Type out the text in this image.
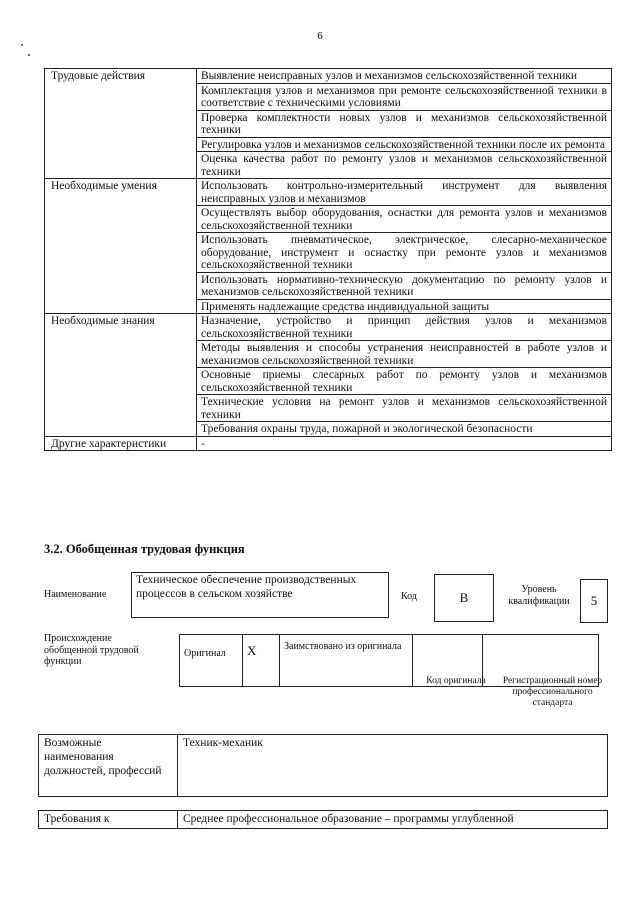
6
Трудовые действия	Выявление неисправных узлов и механизмов сельскохозяйственной техники
	Комплектация узлов и механизмов при ремонте сельскохозяйственной техники в соответствие с техническими условиями
	Проверка комплектности новых узлов и механизмов сельскохозяйственной техники
	Регулировка узлов и механизмов сельскохозяйственной техники после их ремонта
	Оценка качества работ по ремонту узлов и механизмов сельскохозяйственной техники
Необходимые умения	Использовать контрольно-измерительный инструмент для выявления неисправных узлов и механизмов
	Осуществлять выбор оборудования, оснастки для ремонта узлов и механизмов сельскохозяйственной техники
	Использовать пневматическое, электрическое, слесарно-механическое оборудование, инструмент и оснастку при ремонте узлов и механизмов сельскохозяйственной техники
	Использовать нормативно-техническую документацию по ремонту узлов и механизмов сельскохозяйственной техники
	Применять надлежащие средства индивидуальной защиты
Необходимые знания	Назначение, устройство и принцип действия узлов и механизмов сельскохозяйственной техники
	Методы выявления и способы устранения неисправностей в работе узлов и механизмов сельскохозяйственной техники
	Основные приемы слесарных работ по ремонту узлов и механизмов сельскохозяйственной техники
	Технические условия на ремонт узлов и механизмов сельскохозяйственной техники
	Требования охраны труда, пожарной и экологической безопасности
Другие характеристики	-
3.2. Обобщенная трудовая функция
Наименование
Техническое обеспечение производственных процессов в сельском хозяйстве	Код	B
Уровень квалификации	5
Происхождение обобщенной трудовой функции
Оригинал	X	Заимствовано из оригинала		
Код оригинала	Регистрационный номер профессионального стандарта
Возможные наименования должностей, профессий	Техник-механик
Требования к	Среднее профессиональное образование – программы углубленной
